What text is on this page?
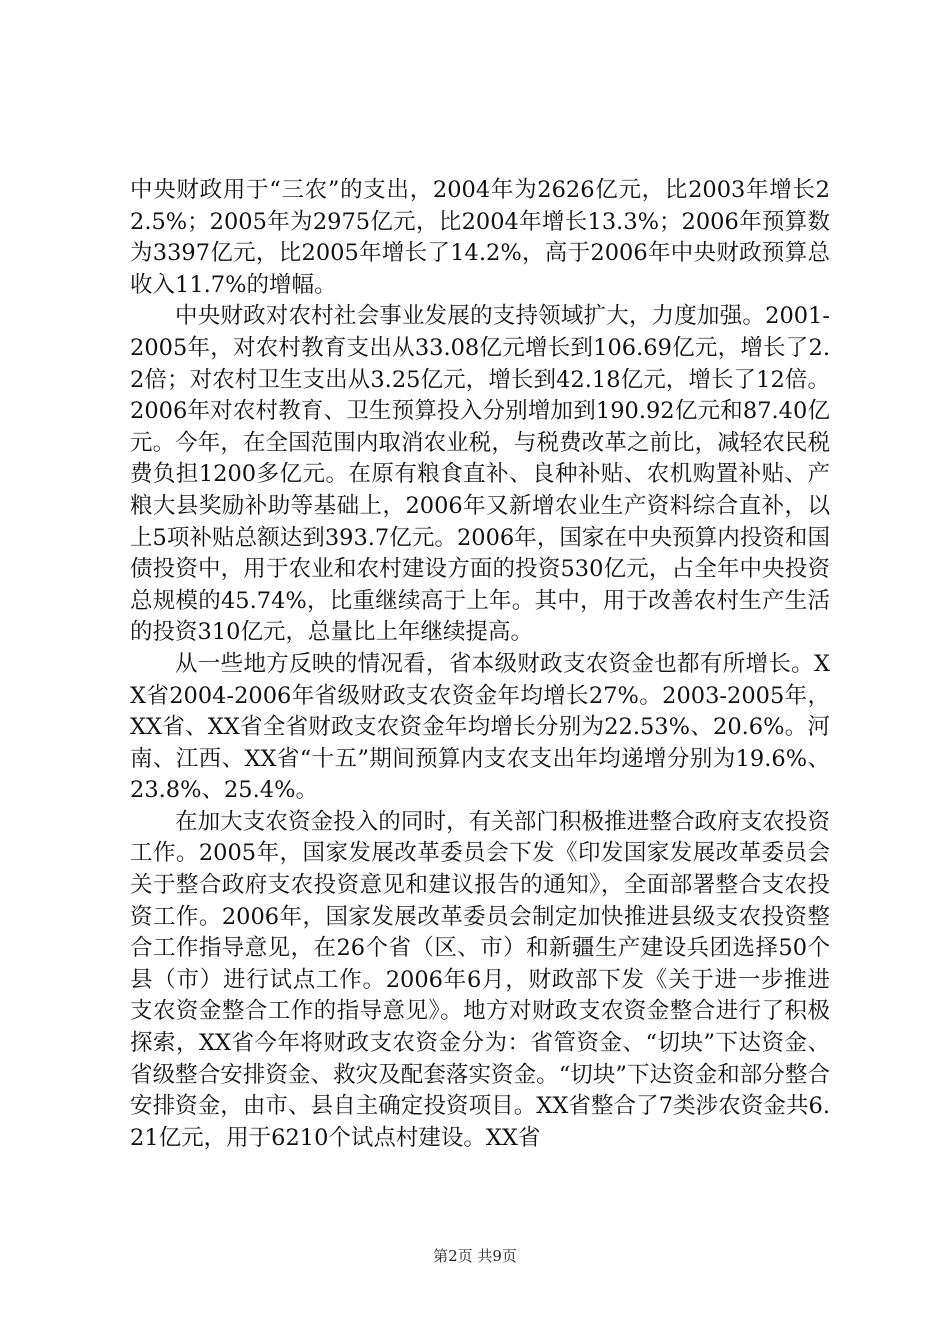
中央财政用于“三农”的支出，2004年为2626亿元，比2003年增长22.5%；2005年为2975亿元，比2004年增长13.3%；2006年预算数为3397亿元，比2005年增长了14.2%，高于2006年中央财政预算总收入11.7%的增幅。

中央财政对农村社会事业发展的支持领域扩大，力度加强。2001-2005年，对农村教育支出从33.08亿元增长到106.69亿元，增长了2.2倍；对农村卫生支出从3.25亿元，增长到42.18亿元，增长了12倍。2006年对农村教育、卫生预算投入分别增加到190.92亿元和87.40亿元。今年，在全国范围内取消农业税，与税费改革之前比，减轻农民税费负担1200多亿元。在原有粮食直补、良种补贴、农机购置补贴、产粮大县奖励补助等基础上，2006年又新增农业生产资料综合直补，以上5项补贴总额达到393.7亿元。2006年，国家在中央预算内投资和国债投资中，用于农业和农村建设方面的投资530亿元，占全年中央投资总规模的45.74%，比重继续高于上年。其中，用于改善农村生产生活的投资310亿元，总量比上年继续提高。

从一些地方反映的情况看，省本级财政支农资金也都有所增长。XX省2004-2006年省级财政支农资金年均增长27%。2003-2005年，XX省、XX省全省财政支农资金年均增长分别为22.53%、20.6%。河南、江西、XX省“十五”期间预算内支农支出年均递增分别为19.6%、23.8%、25.4%。

在加大支农资金投入的同时，有关部门积极推进整合政府支农投资工作。2005年，国家发展改革委员会下发《印发国家发展改革委员会关于整合政府支农投资意见和建议报告的通知》，全面部署整合支农投资工作。2006年，国家发展改革委员会制定加快推进县级支农投资整合工作指导意见，在26个省（区、市）和新疆生产建设兵团选择50个县（市）进行试点工作。2006年6月，财政部下发《关于进一步推进支农资金整合工作的指导意见》。地方对财政支农资金整合进行了积极探索，XX省今年将财政支农资金分为：省管资金、“切块”下达资金、省级整合安排资金、救灾及配套落实资金。“切块”下达资金和部分整合安排资金，由市、县自主确定投资项目。XX省整合了7类涉农资金共6.21亿元，用于6210个试点村建设。XX省

第2页 共9页
